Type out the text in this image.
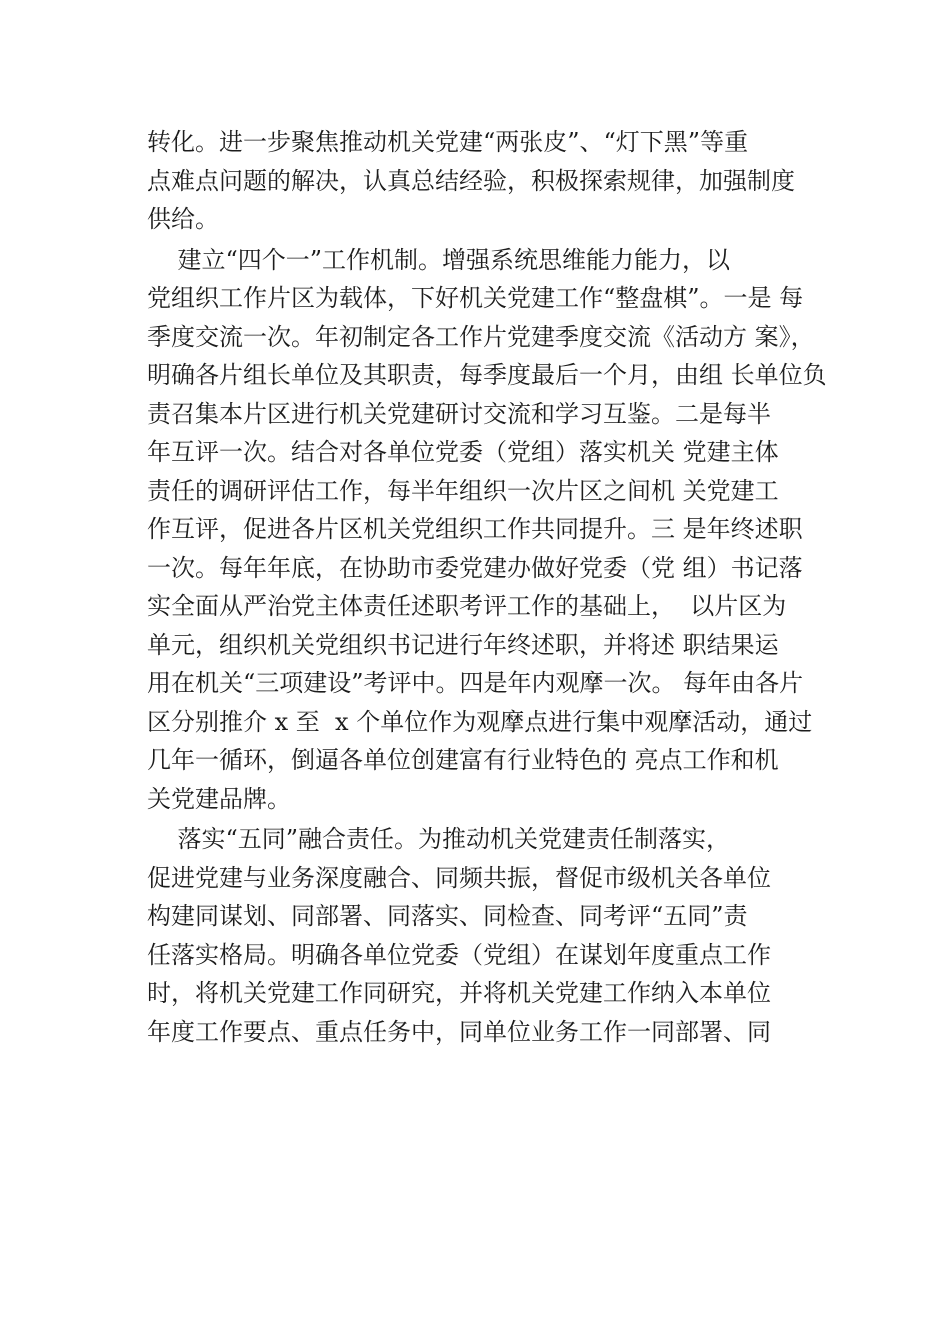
转化。进一步聚焦推动机关党建“两张皮”、“灯下黑”等重
点难点问题的解决，认真总结经验，积极探索规律，加强制度
供给。
建立“四个一”工作机制。增强系统思维能力能力，以
党组织工作片区为载体，下好机关党建工作“整盘棋”。一是 每
季度交流一次。年初制定各工作片党建季度交流《活动方 案》，
明确各片组长单位及其职责，每季度最后一个月，由组 长单位负
责召集本片区进行机关党建研讨交流和学习互鉴。二是每半
年互评一次。结合对各单位党委（党组）落实机关 党建主体
责任的调研评估工作，每半年组织一次片区之间机 关党建工
作互评，促进各片区机关党组织工作共同提升。三 是年终述职
一次。每年年底，在协助市委党建办做好党委（党 组）书记落
实全面从严治党主体责任述职考评工作的基础上，  以片区为
单元，组织机关党组织书记进行年终述职，并将述 职结果运
用在机关“三项建设”考评中。四是年内观摩一次。 每年由各片
区分别推介 x 至  x 个单位作为观摩点进行集中观摩活动，通过
几年一循环，倒逼各单位创建富有行业特色的 亮点工作和机
关党建品牌。
落实“五同”融合责任。为推动机关党建责任制落实，
促进党建与业务深度融合、同频共振，督促市级机关各单位
构建同谋划、同部署、同落实、同检查、同考评“五同”责
任落实格局。明确各单位党委（党组）在谋划年度重点工作
时，将机关党建工作同研究，并将机关党建工作纳入本单位
年度工作要点、重点任务中，同单位业务工作一同部署、同
